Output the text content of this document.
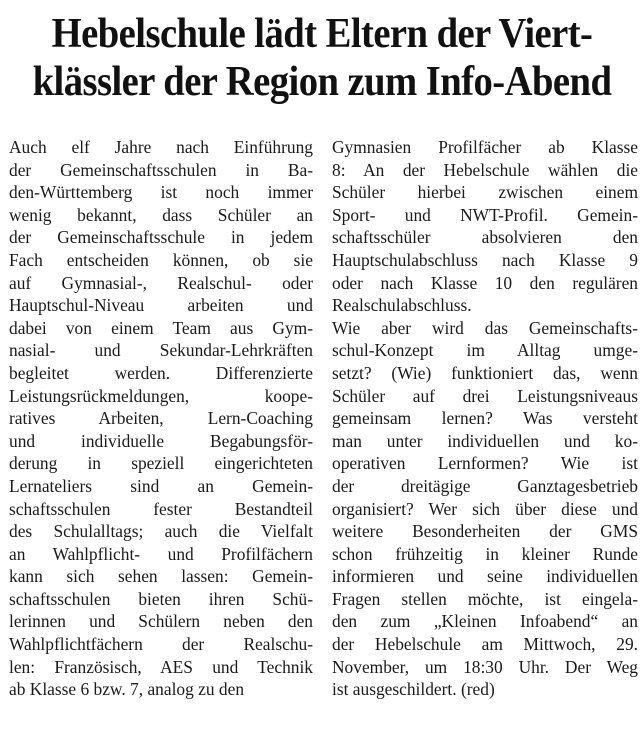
Hebelschule lädt Eltern der Viert-
klässler der Region zum Info-Abend
Auch elf Jahre nach Einführung
der Gemeinschaftsschulen in Ba-
den-Württemberg ist noch immer
wenig bekannt, dass Schüler an
der Gemeinschaftsschule in jedem
Fach entscheiden können, ob sie
auf Gymnasial-, Realschul- oder
Hauptschul-Niveau arbeiten und
dabei von einem Team aus Gym-
nasial- und Sekundar-Lehrkräften
begleitet werden. Differenzierte
Leistungsrückmeldungen, koope-
ratives Arbeiten, Lern-Coaching
und individuelle Begabungsför-
derung in speziell eingerichteten
Lernateliers sind an Gemein-
schaftsschulen fester Bestandteil
des Schulalltags; auch die Vielfalt
an Wahlpflicht- und Profilfächern
kann sich sehen lassen: Gemein-
schaftsschulen bieten ihren Schü-
lerinnen und Schülern neben den
Wahlpflichtfächern der Realschu-
len: Französisch, AES und Technik
ab Klasse 6 bzw. 7, analog zu den
Gymnasien Profilfächer ab Klasse
8: An der Hebelschule wählen die
Schüler hierbei zwischen einem
Sport- und NWT-Profil. Gemein-
schaftsschüler absolvieren den
Hauptschulabschluss nach Klasse 9
oder nach Klasse 10 den regulären
Realschulabschluss.
Wie aber wird das Gemeinschafts-
schul-Konzept im Alltag umge-
setzt? (Wie) funktioniert das, wenn
Schüler auf drei Leistungsniveaus
gemeinsam lernen? Was versteht
man unter individuellen und ko-
operativen Lernformen? Wie ist
der dreitägige Ganztagesbetrieb
organisiert? Wer sich über diese und
weitere Besonderheiten der GMS
schon frühzeitig in kleiner Runde
informieren und seine individuellen
Fragen stellen möchte, ist eingela-
den zum „Kleinen Infoabend“ an
der Hebelschule am Mittwoch, 29.
November, um 18:30 Uhr. Der Weg
ist ausgeschildert. (red)
